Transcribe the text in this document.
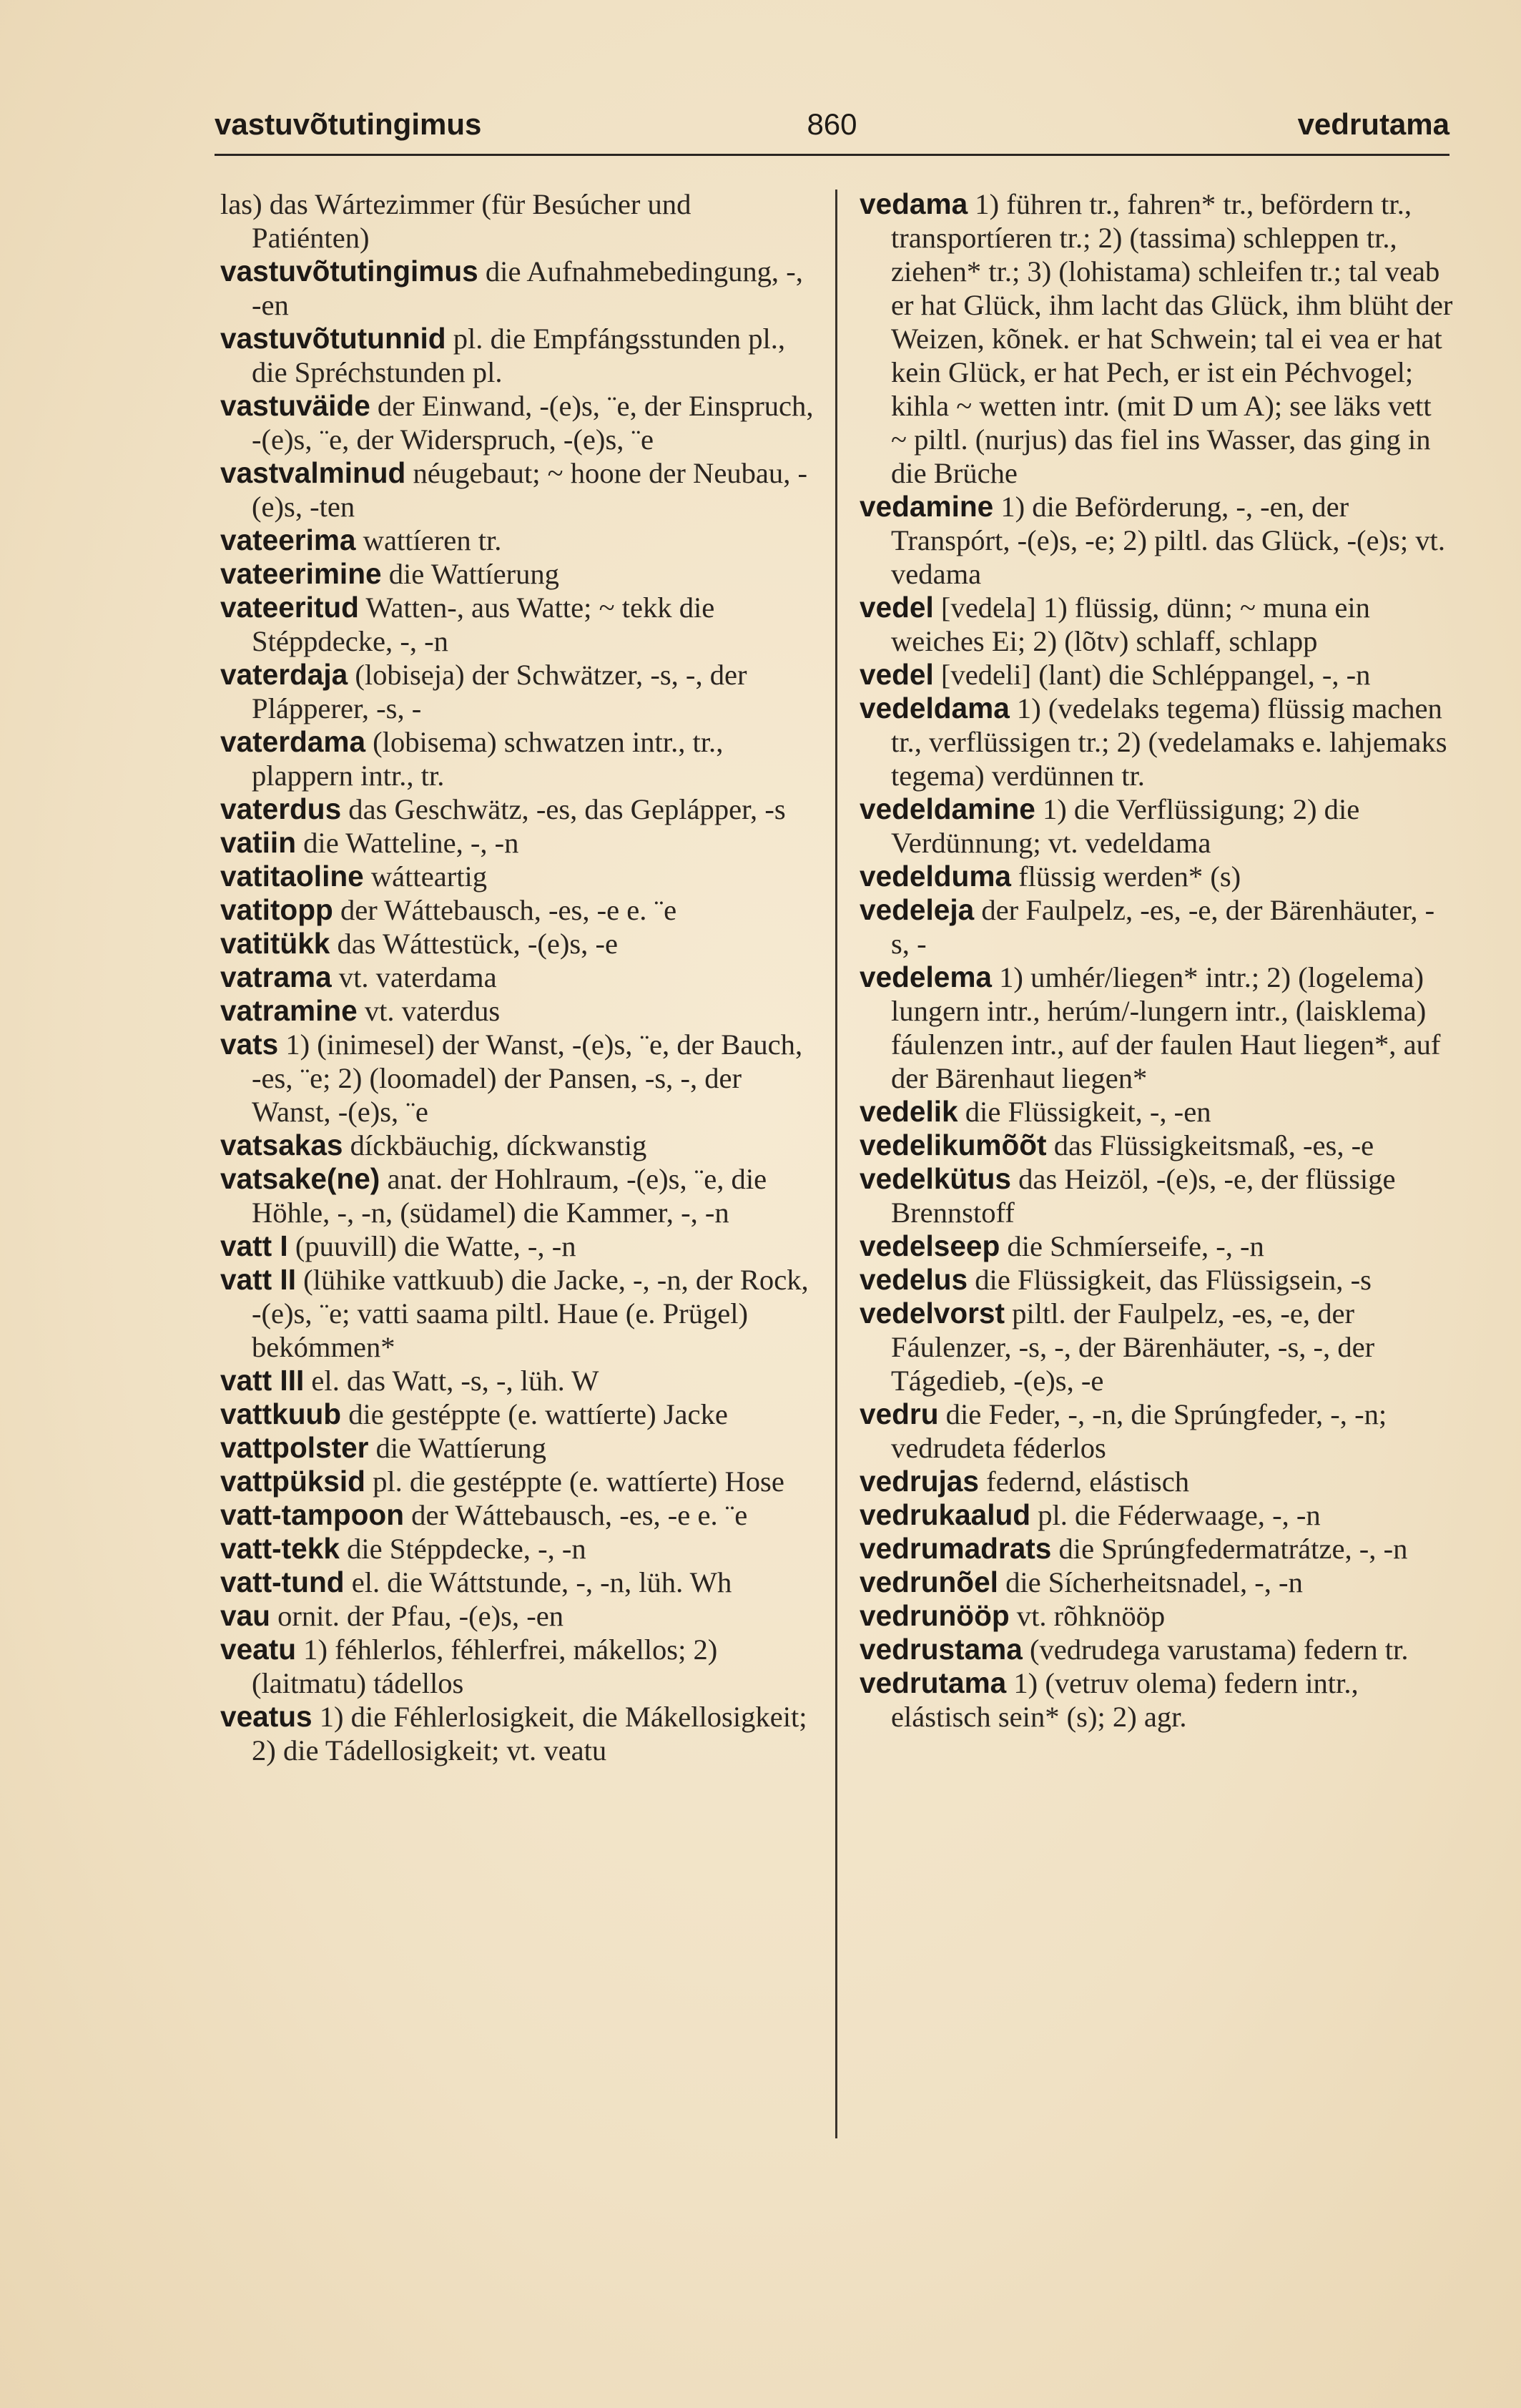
vastuvõtutingimus	860	vedrutama

las) das Wártezimmer (für Besúcher und Patiénten)

vastuvõtutingimus die Aufnahmebedingung, -, -en

vastuvõtutunnid pl. die Empfángsstunden pl., die Spréchstunden pl.

vastuväide der Einwand, -(e)s, ¨e, der Einspruch, -(e)s, ¨e, der Widerspruch, -(e)s, ¨e

vastvalminud néugebaut; ~ hoone der Neubau, -(e)s, -ten

vateerima wattíeren tr.

vateerimine die Wattíerung

vateeritud Watten-, aus Watte; ~ tekk die Stéppdecke, -, -n

vaterdaja (lobiseja) der Schwätzer, -s, -, der Plápperer, -s, -

vaterdama (lobisema) schwatzen intr., tr., plappern intr., tr.

vaterdus das Geschwätz, -es, das Geplápper, -s

vatiin die Watteline, -, -n

vatitaoline wátteartig

vatitopp der Wáttebausch, -es, -e e. ¨e

vatitükk das Wáttestück, -(e)s, -e

vatrama vt. vaterdama

vatramine vt. vaterdus

vats 1) (inimesel) der Wanst, -(e)s, ¨e, der Bauch, -es, ¨e; 2) (loomadel) der Pansen, -s, -, der Wanst, -(e)s, ¨e

vatsakas díckbäuchig, díckwanstig

vatsake(ne) anat. der Hohlraum, -(e)s, ¨e, die Höhle, -, -n, (südamel) die Kammer, -, -n

vatt I (puuvill) die Watte, -, -n

vatt II (lühike vattkuub) die Jacke, -, -n, der Rock, -(e)s, ¨e; vatti saama piltl. Haue (e. Prügel) bekómmen*

vatt III el. das Watt, -s, -, lüh. W

vattkuub die gestéppte (e. wattíerte) Jacke

vattpolster die Wattíerung

vattpüksid pl. die gestéppte (e. wattíerte) Hose

vatt-tampoon der Wáttebausch, -es, -e e. ¨e

vatt-tekk die Stéppdecke, -, -n

vatt-tund el. die Wáttstunde, -, -n, lüh. Wh

vau ornit. der Pfau, -(e)s, -en

veatu 1) féhlerlos, féhlerfrei, mákellos; 2) (laitmatu) tádellos

veatus 1) die Féhlerlosigkeit, die Mákellosigkeit; 2) die Tádellosigkeit; vt. veatu

vedama 1) führen tr., fahren* tr., befördern tr., transportíeren tr.; 2) (tassima) schleppen tr., ziehen* tr.; 3) (lohistama) schleifen tr.; tal veab er hat Glück, ihm lacht das Glück, ihm blüht der Weizen, kõnek. er hat Schwein; tal ei vea er hat kein Glück, er hat Pech, er ist ein Péchvogel; kihla ~ wetten intr. (mit D um A); see läks vett ~ piltl. (nurjus) das fiel ins Wasser, das ging in die Brüche

vedamine 1) die Beförderung, -, -en, der Transpórt, -(e)s, -e; 2) piltl. das Glück, -(e)s; vt. vedama

vedel [vedela] 1) flüssig, dünn; ~ muna ein weiches Ei; 2) (lõtv) schlaff, schlapp

vedel [vedeli] (lant) die Schléppangel, -, -n

vedeldama 1) (vedelaks tegema) flüssig machen tr., verflüssigen tr.; 2) (vedelamaks e. lahjemaks tegema) verdünnen tr.

vedeldamine 1) die Verflüssigung; 2) die Verdünnung; vt. vedeldama

vedelduma flüssig werden* (s)

vedeleja der Faulpelz, -es, -e, der Bärenhäuter, -s, -

vedelema 1) umhér/liegen* intr.; 2) (logelema) lungern intr., herúm/-lungern intr., (laisklema) fáulenzen intr., auf der faulen Haut liegen*, auf der Bärenhaut liegen*

vedelik die Flüssigkeit, -, -en

vedelikumõõt das Flüssigkeitsmaß, -es, -e

vedelkütus das Heizöl, -(e)s, -e, der flüssige Brennstoff

vedelseep die Schmíerseife, -, -n

vedelus die Flüssigkeit, das Flüssigsein, -s

vedelvorst piltl. der Faulpelz, -es, -e, der Fáulenzer, -s, -, der Bärenhäuter, -s, -, der Tágedieb, -(e)s, -e

vedru die Feder, -, -n, die Sprúngfeder, -, -n; vedrudeta féderlos

vedrujas federnd, elástisch

vedrukaalud pl. die Féderwaage, -, -n

vedrumadrats die Sprúngfedermatrátze, -, -n

vedrunõel die Sícherheitsnadel, -, -n

vedrunööp vt. rõhknööp

vedrustama (vedrudega varustama) federn tr.

vedrutama 1) (vetruv olema) federn intr., elástisch sein* (s); 2) agr.
